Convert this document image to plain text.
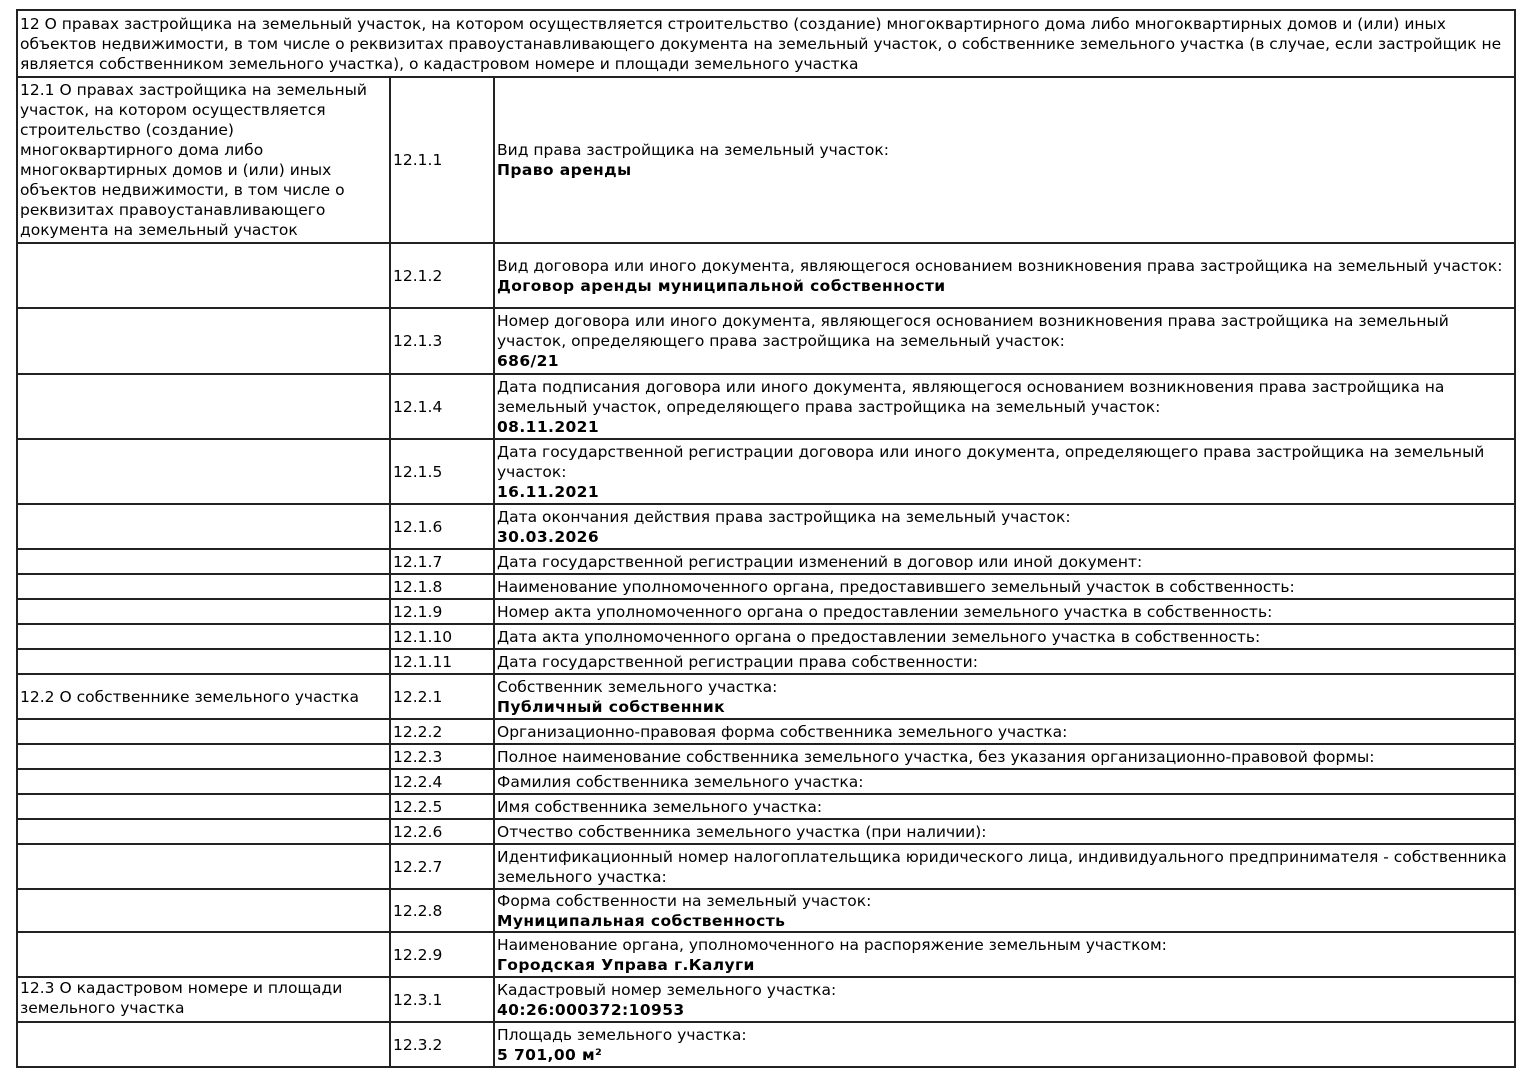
12 О правах застройщика на земельный участок, на котором осуществляется строительство (создание) многоквартирного дома либо многоквартирных домов и (или) иных объектов недвижимости, в том числе о реквизитах правоустанавливающего документа на земельный участок, о собственнике земельного участка (в случае, если застройщик не является собственником земельного участка), о кадастровом номере и площади земельного участка		
12.1 О правах застройщика на земельный участок, на котором осуществляется строительство (создание) многоквартирного дома либо многоквартирных домов и (или) иных объектов недвижимости, в том числе о реквизитах правоустанавливающего документа на земельный участок	12.1.1	Вид права застройщика на земельный участок:
Право аренды

	12.1.2	Вид договора или иного документа, являющегося основанием возникновения права застройщика на земельный участок:
Договор аренды муниципальной собственности

	12.1.3	Номер договора или иного документа, являющегося основанием возникновения права застройщика на земельный участок, определяющего права застройщика на земельный участок:
686/21

	12.1.4	Дата подписания договора или иного документа, являющегося основанием возникновения права застройщика на земельный участок, определяющего права застройщика на земельный участок:
08.11.2021

	12.1.5	Дата государственной регистрации договора или иного документа, определяющего права застройщика на земельный участок:
16.11.2021

	12.1.6	Дата окончания действия права застройщика на земельный участок:
30.03.2026

	12.1.7	Дата государственной регистрации изменений в договор или иной документ:

	12.1.8	Наименование уполномоченного органа, предоставившего земельный участок в собственность:

	12.1.9	Номер акта уполномоченного органа о предоставлении земельного участка в собственность:

	12.1.10	Дата акта уполномоченного органа о предоставлении земельного участка в собственность:

	12.1.11	Дата государственной регистрации права собственности:

12.2 О собственнике земельного участка	12.2.1	Собственник земельного участка:
Публичный собственник

	12.2.2	Организационно-правовая форма собственника земельного участка:

	12.2.3	Полное наименование собственника земельного участка, без указания организационно-правовой формы:

	12.2.4	Фамилия собственника земельного участка:

	12.2.5	Имя собственника земельного участка:

	12.2.6	Отчество собственника земельного участка (при наличии):

	12.2.7	Идентификационный номер налогоплательщика юридического лица, индивидуального предпринимателя - собственника земельного участка:

	12.2.8	Форма собственности на земельный участок:
Муниципальная собственность

	12.2.9	Наименование органа, уполномоченного на распоряжение земельным участком:
Городская Управа г.Калуги

12.3 О кадастровом номере и площади земельного участка	12.3.1	Кадастровый номер земельного участка:
40:26:000372:10953

	12.3.2	Площадь земельного участка:
5 701,00 м²
